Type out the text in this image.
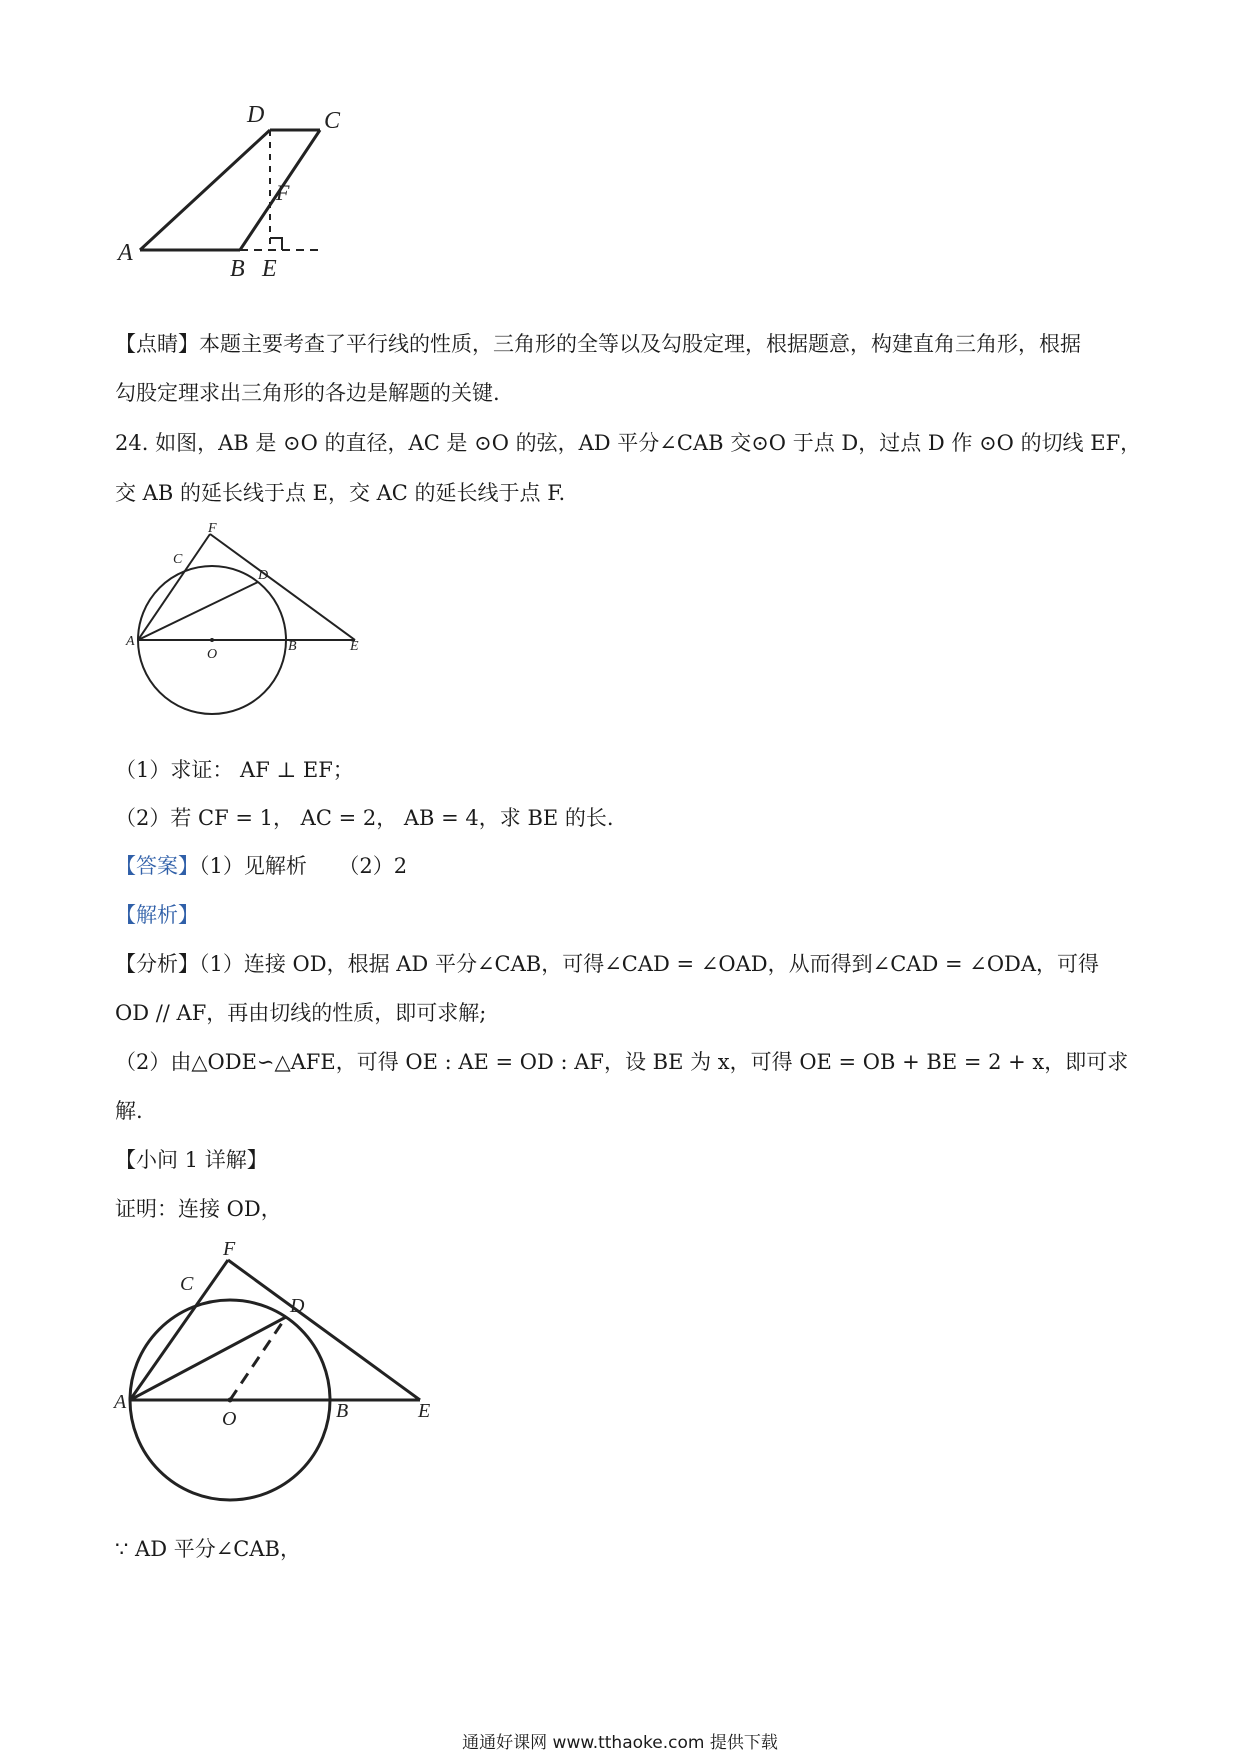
D C
F
A
B E
【点睛】本题主要考查了平行线的性质，三角形的全等以及勾股定理，根据题意，构建直角三角形，根据
勾股定理求出三角形的各边是解题的关键.
24. 如图，AB 是 ⊙O 的直径，AC 是 ⊙O 的弦，AD 平分∠CAB 交⊙O 于点 D，过点 D 作 ⊙O 的切线 EF，
交 AB 的延长线于点 E，交 AC 的延长线于点 F.
F
C
D
A
O
B	E
（1）求证： AF ⊥ EF；
（2）若 CF = 1， AC = 2， AB = 4，求 BE 的长.
【答案】（1）见解析　　（2）2
【解析】
【分析】（1）连接 OD，根据 AD 平分∠CAB，可得∠CAD = ∠OAD，从而得到∠CAD = ∠ODA，可得
OD // AF，再由切线的性质，即可求解;
（2）由△ODE∽△AFE，可得 OE : AE = OD : AF，设 BE 为 x，可得 OE = OB + BE = 2 + x，即可求
解.
【小问 1 详解】
证明：连接 OD，
F
C
D
A
O	B	E
∵ AD 平分∠CAB，
通通好课网 www.tthaoke.com 提供下载
